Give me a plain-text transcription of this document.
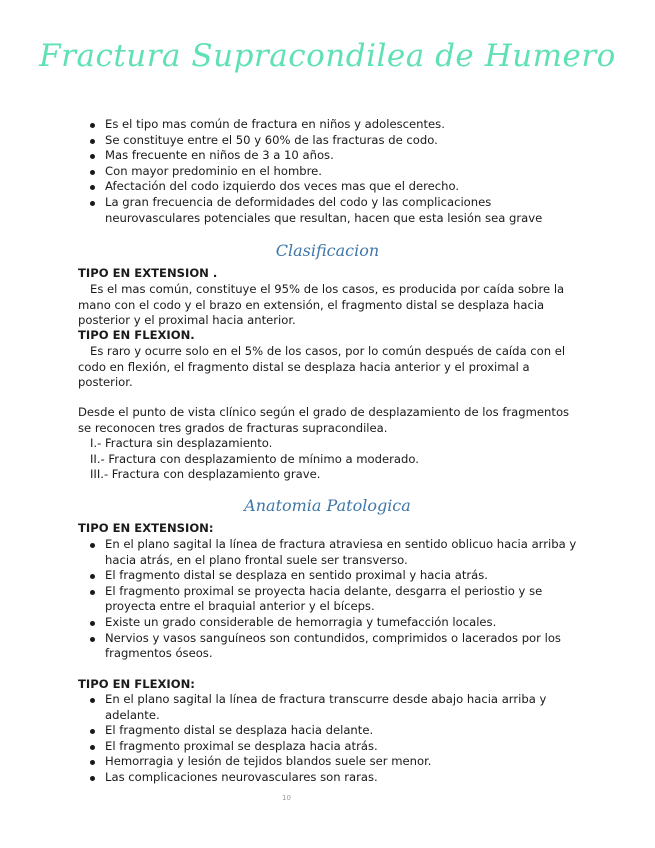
Fractura Supracondilea de Humero
Es el tipo mas común de fractura en niños y adolescentes.
Se constituye entre el 50 y 60% de las fracturas de codo.
Mas frecuente en niños de 3 a 10 años.
Con mayor predominio en el hombre.
Afectación del codo izquierdo dos veces mas que el derecho.
La gran frecuencia de deformidades del codo y las complicaciones neurovasculares potenciales que resultan, hacen que esta lesión sea grave
Clasificacion

TIPO EN EXTENSION .

Es el mas común, constituye el 95% de los casos, es producida por caída sobre la mano con el codo y el brazo en extensión, el fragmento distal se desplaza hacia posterior y el proximal hacia anterior.

TIPO EN FLEXION.

Es raro y ocurre solo en el 5% de los casos, por lo común después de caída con el codo en flexión, el fragmento distal se desplaza hacia anterior y el proximal a posterior.

Desde el punto de vista clínico según el grado de desplazamiento de los fragmentos se reconocen tres grados de fracturas supracondilea.

I.- Fractura sin desplazamiento.
II.- Fractura con desplazamiento de mínimo a moderado.
III.- Fractura con desplazamiento grave.
Anatomia Patologica

TIPO EN EXTENSION:

En el plano sagital la línea de fractura atraviesa en sentido oblicuo hacia arriba y hacia atrás, en el plano frontal suele ser transverso.
El fragmento distal se desplaza en sentido proximal y hacia atrás.
El fragmento proximal se proyecta hacia delante, desgarra el periostio y se proyecta entre el braquial anterior y el bíceps.
Existe un grado considerable de hemorragia y tumefacción locales.
Nervios y vasos sanguíneos son contundidos, comprimidos o lacerados por los fragmentos óseos.

TIPO EN FLEXION:

En el plano sagital la línea de fractura transcurre desde abajo hacia arriba y adelante.
El fragmento distal se desplaza hacia delante.
El fragmento proximal se desplaza hacia atrás.
Hemorragia y lesión de tejidos blandos suele ser menor.
Las complicaciones neurovasculares son raras.
10
